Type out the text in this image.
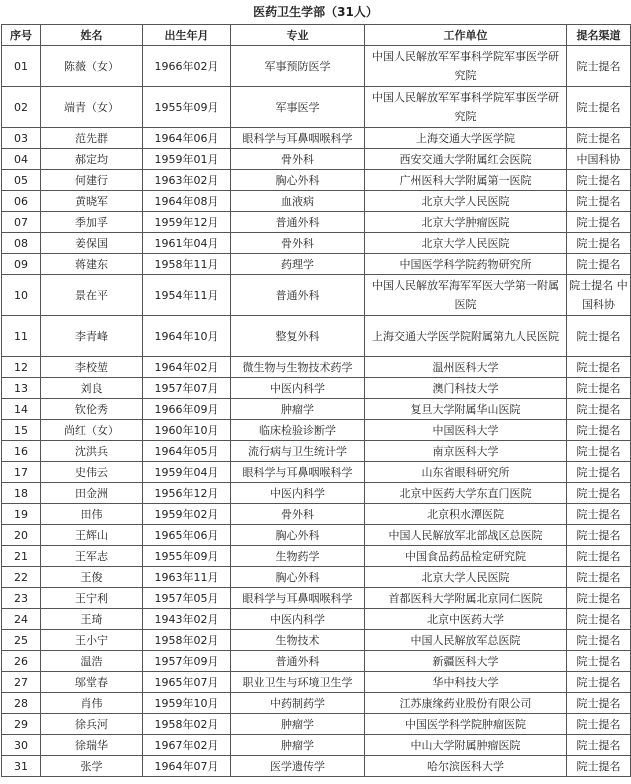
医药卫生学部（31人）
序号	姓名	出生年月	专业	工作单位	提名渠道
01	陈薇（女）	1966年02月	军事预防医学	中国人民解放军军事科学院军事医学研究院	院士提名
02	端青（女）	1955年09月	军事医学	中国人民解放军军事科学院军事医学研究院	院士提名
03	范先群	1964年06月	眼科学与耳鼻咽喉科学	上海交通大学医学院	院士提名
04	郝定均	1959年01月	骨外科	西安交通大学附属红会医院	中国科协
05	何建行	1963年02月	胸心外科	广州医科大学附属第一医院	院士提名
06	黄晓军	1964年08月	血液病	北京大学人民医院	院士提名
07	季加孚	1959年12月	普通外科	北京大学肿瘤医院	院士提名
08	姜保国	1961年04月	骨外科	北京大学人民医院	院士提名
09	蒋建东	1958年11月	药理学	中国医学科学院药物研究所	院士提名
10	景在平	1954年11月	普通外科	中国人民解放军海军军医大学第一附属医院	院士提名 中国科协
11	李青峰	1964年10月	整复外科	上海交通大学医学院附属第九人民医院	院士提名
12	李校堃	1964年02月	微生物与生物技术药学	温州医科大学	院士提名
13	刘良	1957年07月	中医内科学	澳门科技大学	院士提名
14	钦伦秀	1966年09月	肿瘤学	复旦大学附属华山医院	院士提名
15	尚红（女）	1960年10月	临床检验诊断学	中国医科大学	院士提名
16	沈洪兵	1964年05月	流行病与卫生统计学	南京医科大学	院士提名
17	史伟云	1959年04月	眼科学与耳鼻咽喉科学	山东省眼科研究所	院士提名
18	田金洲	1956年12月	中医内科学	北京中医药大学东直门医院	院士提名
19	田伟	1959年02月	骨外科	北京积水潭医院	院士提名
20	王辉山	1965年06月	胸心外科	中国人民解放军北部战区总医院	院士提名
21	王军志	1955年09月	生物药学	中国食品药品检定研究院	院士提名
22	王俊	1963年11月	胸心外科	北京大学人民医院	院士提名
23	王宁利	1957年05月	眼科学与耳鼻咽喉科学	首都医科大学附属北京同仁医院	院士提名
24	王琦	1943年02月	中医内科学	北京中医药大学	院士提名
25	王小宁	1958年02月	生物技术	中国人民解放军总医院	院士提名
26	温浩	1957年09月	普通外科	新疆医科大学	院士提名
27	邬堂春	1965年07月	职业卫生与环境卫生学	华中科技大学	院士提名
28	肖伟	1959年10月	中药制药学	江苏康缘药业股份有限公司	院士提名
29	徐兵河	1958年02月	肿瘤学	中国医学科学院肿瘤医院	院士提名
30	徐瑞华	1967年02月	肿瘤学	中山大学附属肿瘤医院	院士提名
31	张学	1964年07月	医学遗传学	哈尔滨医科大学	院士提名
